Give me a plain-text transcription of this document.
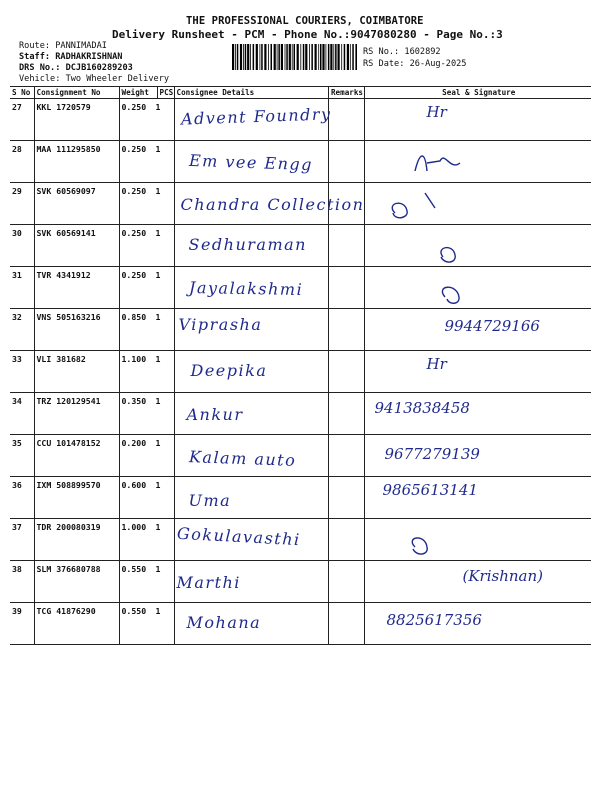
THE PROFESSIONAL COURIERS, COIMBATORE
Delivery Runsheet - PCM - Phone No.:9047080280 - Page No.:3
Route: PANNIMADAI
Staff: RADHAKRISHNAN
DRS No.: DCJB160289203
Vehicle: Two Wheeler Delivery
RS No.: 1602892
RS Date: 26-Aug-2025
S No	Consignment No	Weight	PCS	Consignee Details	Remarks	Seal & Signature

27	KKL 1720579	0.250 1		Advent Foundry		Hr

28	MAA 111295850	0.250 1		Em vee Engg

29	SVK 60569097	0.250 1		Chandra Collection

30	SVK 60569141	0.250 1		Sedhuraman

31	TVR 4341912	0.250 1		Jayalakshmi

32	VNS 505163216	0.850 1		Viprasha		9944729166

33	VLI 381682	1.100 1		Deepika		Hr

34	TRZ 120129541	0.350 1		Ankur		9413838458

35	CCU 101478152	0.200 1		Kalam auto		9677279139

36	IXM 508899570	0.600 1		Uma		9865613141

37	TDR 200080319	1.000 1		Gokulavasthi

38	SLM 376680788	0.550 1		Marthi		(Krishnan)

39	TCG 41876290	0.550 1		Mohana		8825617356
